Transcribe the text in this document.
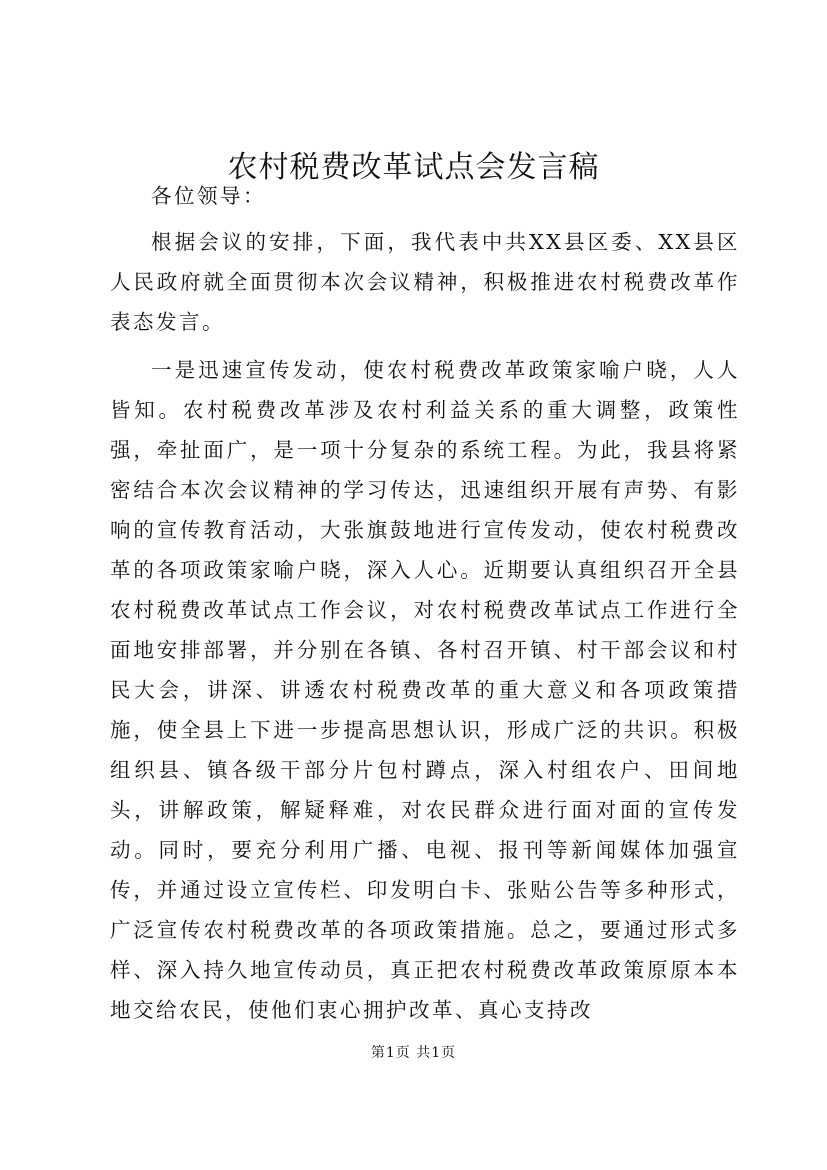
农村税费改革试点会发言稿

各位领导：

根据会议的安排，下面，我代表中共XX县区委、XX县区人民政府就全面贯彻本次会议精神，积极推进农村税费改革作表态发言。

一是迅速宣传发动，使农村税费改革政策家喻户晓，人人皆知。农村税费改革涉及农村利益关系的重大调整，政策性强，牵扯面广，是一项十分复杂的系统工程。为此，我县将紧密结合本次会议精神的学习传达，迅速组织开展有声势、有影响的宣传教育活动，大张旗鼓地进行宣传发动，使农村税费改革的各项政策家喻户晓，深入人心。近期要认真组织召开全县农村税费改革试点工作会议，对农村税费改革试点工作进行全面地安排部署，并分别在各镇、各村召开镇、村干部会议和村民大会，讲深、讲透农村税费改革的重大意义和各项政策措施，使全县上下进一步提高思想认识，形成广泛的共识。积极组织县、镇各级干部分片包村蹲点，深入村组农户、田间地头，讲解政策，解疑释难，对农民群众进行面对面的宣传发动。同时，要充分利用广播、电视、报刊等新闻媒体加强宣传，并通过设立宣传栏、印发明白卡、张贴公告等多种形式，广泛宣传农村税费改革的各项政策措施。总之，要通过形式多样、深入持久地宣传动员，真正把农村税费改革政策原原本本地交给农民，使他们衷心拥护改革、真心支持改

第1页 共1页
